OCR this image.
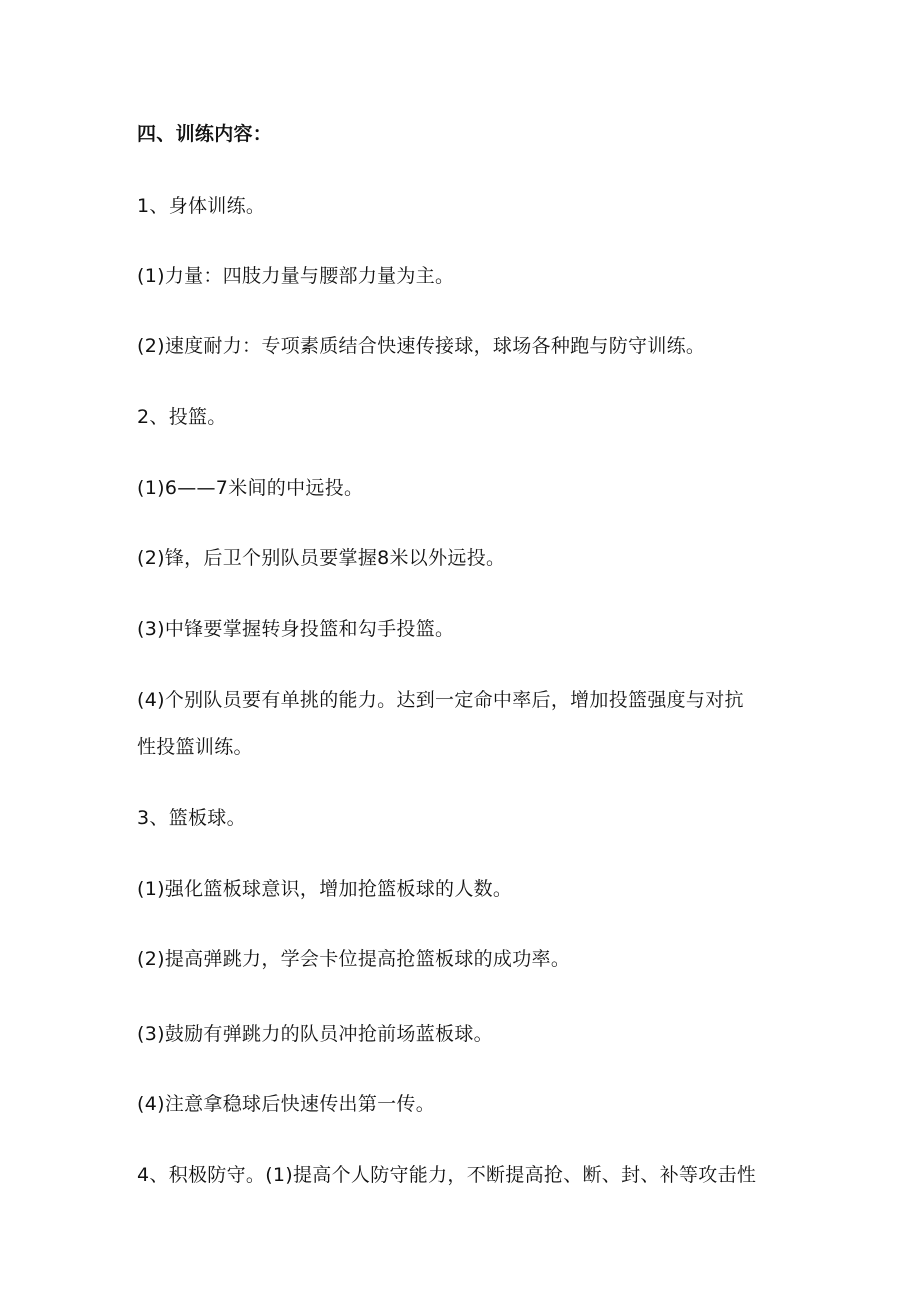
四、训练内容：

1、身体训练。

(1)力量：四肢力量与腰部力量为主。

(2)速度耐力：专项素质结合快速传接球，球场各种跑与防守训练。

2、投篮。

(1)6——7米间的中远投。

(2)锋，后卫个别队员要掌握8米以外远投。

(3)中锋要掌握转身投篮和勾手投篮。

(4)个别队员要有单挑的能力。达到一定命中率后，增加投篮强度与对抗

性投篮训练。

3、篮板球。

(1)强化篮板球意识，增加抢篮板球的人数。

(2)提高弹跳力，学会卡位提高抢篮板球的成功率。

(3)鼓励有弹跳力的队员冲抢前场蓝板球。

(4)注意拿稳球后快速传出第一传。

4、积极防守。(1)提高个人防守能力，不断提高抢、断、封、补等攻击性
